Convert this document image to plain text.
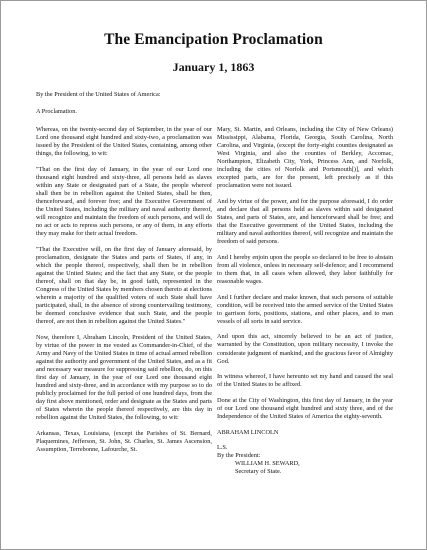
The Emancipation Proclamation
January 1, 1863

By the President of the United States of America:

A Proclamation.

Whereas, on the twenty-second day of September, in the year of our Lord one thousand eight hundred and sixty-two, a proclamation was issued by the President of the United States, containing, among other things, the following, to wit:

"That on the first day of January, in the year of our Lord one thousand eight hundred and sixty-three, all persons held as slaves within any State or designated part of a State, the people whereof shall then be in rebellion against the United States, shall be then, thenceforward, and forever free; and the Executive Government of the United States, including the military and naval authority thereof, will recognize and maintain the freedom of such persons, and will do no act or acts to repress such persons, or any of them, in any efforts they may make for their actual freedom.

"That the Executive will, on the first day of January aforesaid, by proclamation, designate the States and parts of States, if any, in which the people thereof, respectively, shall then be in rebellion against the United States; and the fact that any State, or the people thereof, shall on that day be, in good faith, represented in the Congress of the United States by members chosen thereto at elections wherein a majority of the qualified voters of such State shall have participated, shall, in the absence of strong countervailing testimony, be deemed conclusive evidence that such State, and the people thereof, are not then in rebellion against the United States."

Now, therefore I, Abraham Lincoln, President of the United States, by virtue of the power in me vested as Commander-in-Chief, of the Army and Navy of the United States in time of actual armed rebellion against the authority and government of the United States, and as a fit and necessary war measure for suppressing said rebellion, do, on this first day of January, in the year of our Lord one thousand eight hundred and sixty-three, and in accordance with my purpose so to do publicly proclaimed for the full period of one hundred days, from the day first above mentioned, order and designate as the States and parts of States wherein the people thereof respectively, are this day in rebellion against the United States, the following, to wit:

Arkansas, Texas, Louisiana, (except the Parishes of St. Bernard, Plaquemines, Jefferson, St. John, St. Charles, St. James Ascension, Assumption, Terrebonne, Lafourche, St.

Mary, St. Martin, and Orleans, including the City of New Orleans) Mississippi, Alabama, Florida, Georgia, South Carolina, North Carolina, and Virginia, (except the forty-eight counties designated as West Virginia, and also the counties of Berkley, Accomac, Northampton, Elizabeth City, York, Princess Ann, and Norfolk, including the cities of Norfolk and Portsmouth[)], and which excepted parts, are for the present, left precisely as if this proclamation were not issued.

And by virtue of the power, and for the purpose aforesaid, I do order and declare that all persons held as slaves within said designated States, and parts of States, are, and henceforward shall be free; and that the Executive government of the United States, including the military and naval authorities thereof, will recognize and maintain the freedom of said persons.

And I hereby enjoin upon the people so declared to be free to abstain from all violence, unless in necessary self-defence; and I recommend to them that, in all cases when allowed, they labor faithfully for reasonable wages.

And I further declare and make known, that such persons of suitable condition, will be received into the armed service of the United States to garrison forts, positions, stations, and other places, and to man vessels of all sorts in said service.

And upon this act, sincerely believed to be an act of justice, warranted by the Constitution, upon military necessity, I invoke the considerate judgment of mankind, and the gracious favor of Almighty God.

In witness whereof, I have hereunto set my hand and caused the seal of the United States to be affixed.

Done at the City of Washington, this first day of January, in the year of our Lord one thousand eight hundred and sixty three, and of the Independence of the United States of America the eighty-seventh.

ABRAHAM LINCOLN

L.S.
By the President:
WILLIAM H. SEWARD,
Secretary of State.
